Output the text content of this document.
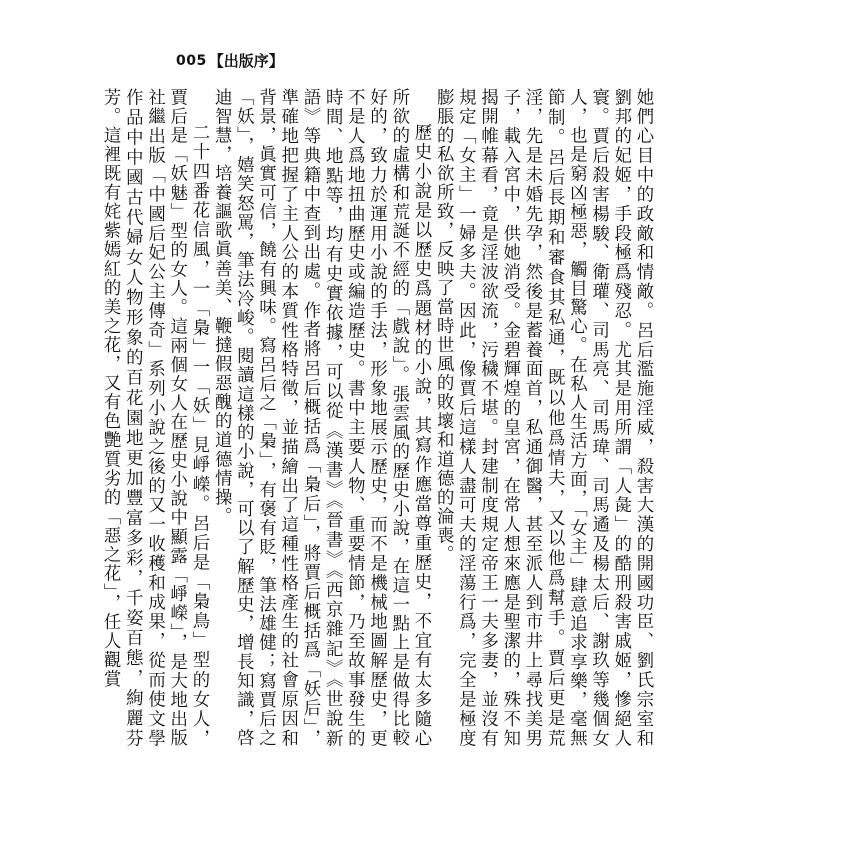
005 【出版序】

她們心目中的政敵和情敵。呂后濫施淫威，殺害大漢的開國功臣、劉氏宗室和劉邦的妃姬，手段極爲殘忍。尤其是用所謂「人彘」的酷刑殺害戚姬，慘絕人寰。賈后殺害楊駿、衛瓘、司馬亮、司馬瑋、司馬遹及楊太后、謝玖等幾個女人，也是窮凶極惡，觸目驚心。在私人生活方面，「女主」肆意追求享樂，毫無節制。呂后長期和審食其私通，既以他爲情夫，又以他爲幫手。賈后更是荒淫，先是未婚先孕，然後是蓄養面首，私通御醫，甚至派人到市井上尋找美男子，載入宮中，供她消受。金碧輝煌的皇宮，在常人想來應是聖潔的，殊不知揭開帷幕看，竟是淫波欲流，污穢不堪。封建制度規定帝王一夫多妻，並沒有規定「女主」一婦多夫。因此，像賈后這樣人盡可夫的淫蕩行爲，完全是極度膨脹的私欲所致，反映了當時世風的敗壞和道德的淪喪。

歷史小說是以歷史爲題材的小說，其寫作應當尊重歷史，不宜有太多隨心所欲的虛構和荒誕不經的「戲說」。張雲風的歷史小說，在這一點上是做得比較好的，致力於運用小說的手法，形象地展示歷史，而不是機械地圖解歷史，更不是人爲地扭曲歷史或編造歷史。書中主要人物、重要情節，乃至故事發生的時間、地點等，均有史實依據，可以從《漢書》《晉書》《西京雜記》《世說新語》等典籍中查到出處。作者將呂后概括爲「梟后」，將賈后概括爲「妖后」，準確地把握了主人公的本質性格特徵，並描繪出了這種性格產生的社會原因和背景，眞實可信，饒有興味。寫呂后之「梟」，有褒有貶，筆法雄健；寫賈后之「妖」，嬉笑怒罵，筆法冷峻。閱讀這樣的小說，可以了解歷史，增長知識，啓迪智慧，培養謳歌眞善美、鞭撻假惡醜的道德情操。

二十四番花信風，一「梟」一「妖」見崢嶸。呂后是「梟鳥」型的女人，賈后是「妖魅」型的女人。這兩個女人在歷史小說中顯露「崢嶸」，是大地出版社繼出版「中國后妃公主傳奇」系列小說之後的又一收穫和成果，從而使文學作品中中國古代婦女人物形象的百花園地更加豐富多彩，千姿百態，絢麗芬芳。這裡既有姹紫嫣紅的美之花，又有色艷質劣的「惡之花」，任人觀賞
